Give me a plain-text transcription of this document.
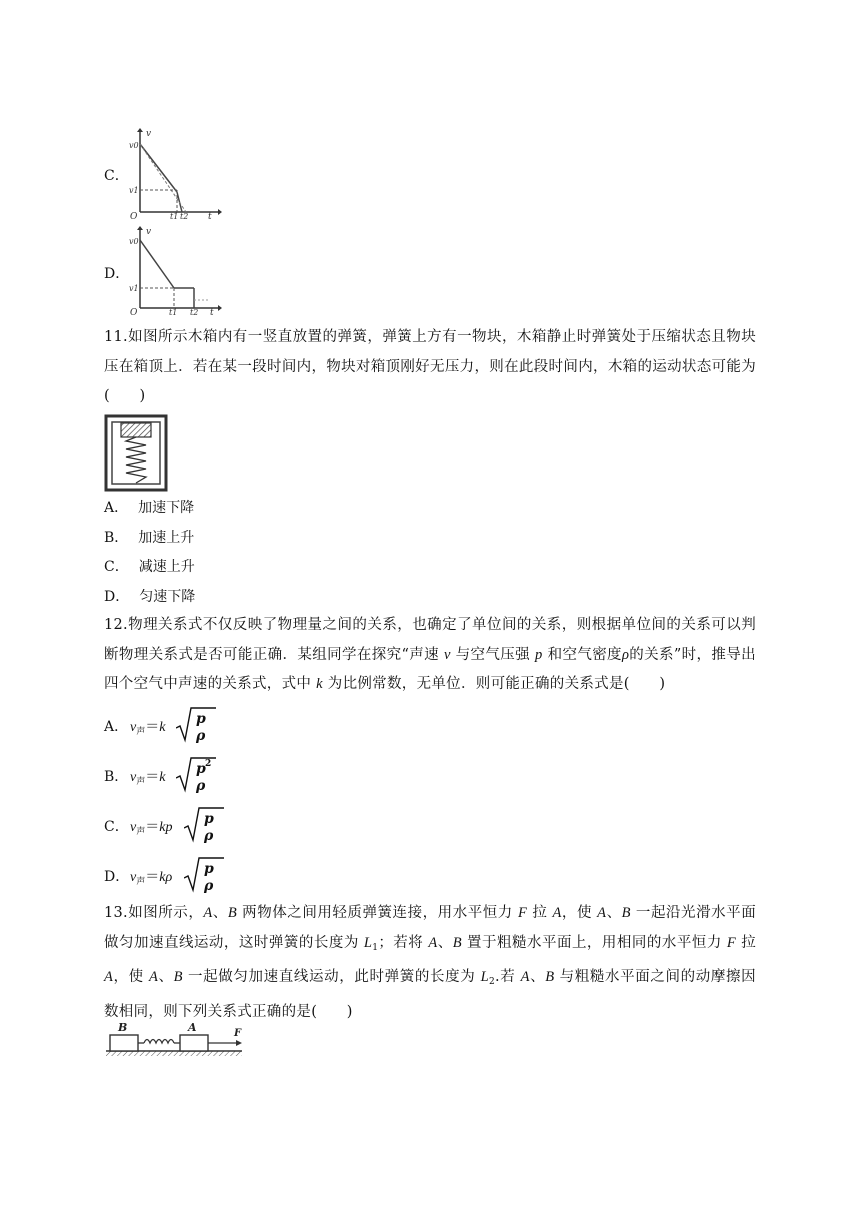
C．
v
v0
v1
O	t1 t2 t
D．
v
v0
v1
O	t1 t2 t
11.如图所示木箱内有一竖直放置的弹簧，弹簧上方有一物块，木箱静止时弹簧处于压缩状态且物块压在箱顶上．若在某一段时间内，物块对箱顶刚好无压力，则在此段时间内，木箱的运动状态可能为(　　)
A． 加速下降
B． 加速上升
C． 减速上升
D． 匀速下降
12.物理关系式不仅反映了物理量之间的关系，也确定了单位间的关系，则根据单位间的关系可以判断物理关系式是否可能正确．某组同学在探究“声速 v 与空气压强 p 和空气密度ρ的关系”时，推导出四个空气中声速的关系式，式中 k 为比例常数，无单位．则可能正确的关系式是(　　)
A． $v_声=k$
p
ρ
B． $v_声=k$
p 2
ρ
C． $v_声=kp$
p
ρ
D． $v_声=k\rho$
p
ρ
13.如图所示，A、B 两物体之间用轻质弹簧连接，用水平恒力 F 拉 A，使 A、B 一起沿光滑水平面做匀加速直线运动，这时弹簧的长度为 $L_1$；若将 A、B 置于粗糙水平面上，用相同的水平恒力 F 拉 A，使 A、B 一起做匀加速直线运动，此时弹簧的长度为 $L_2$.若 A、B 与粗糙水平面之间的动摩擦因数相同，则下列关系式正确的是(　　)
B	A	F
